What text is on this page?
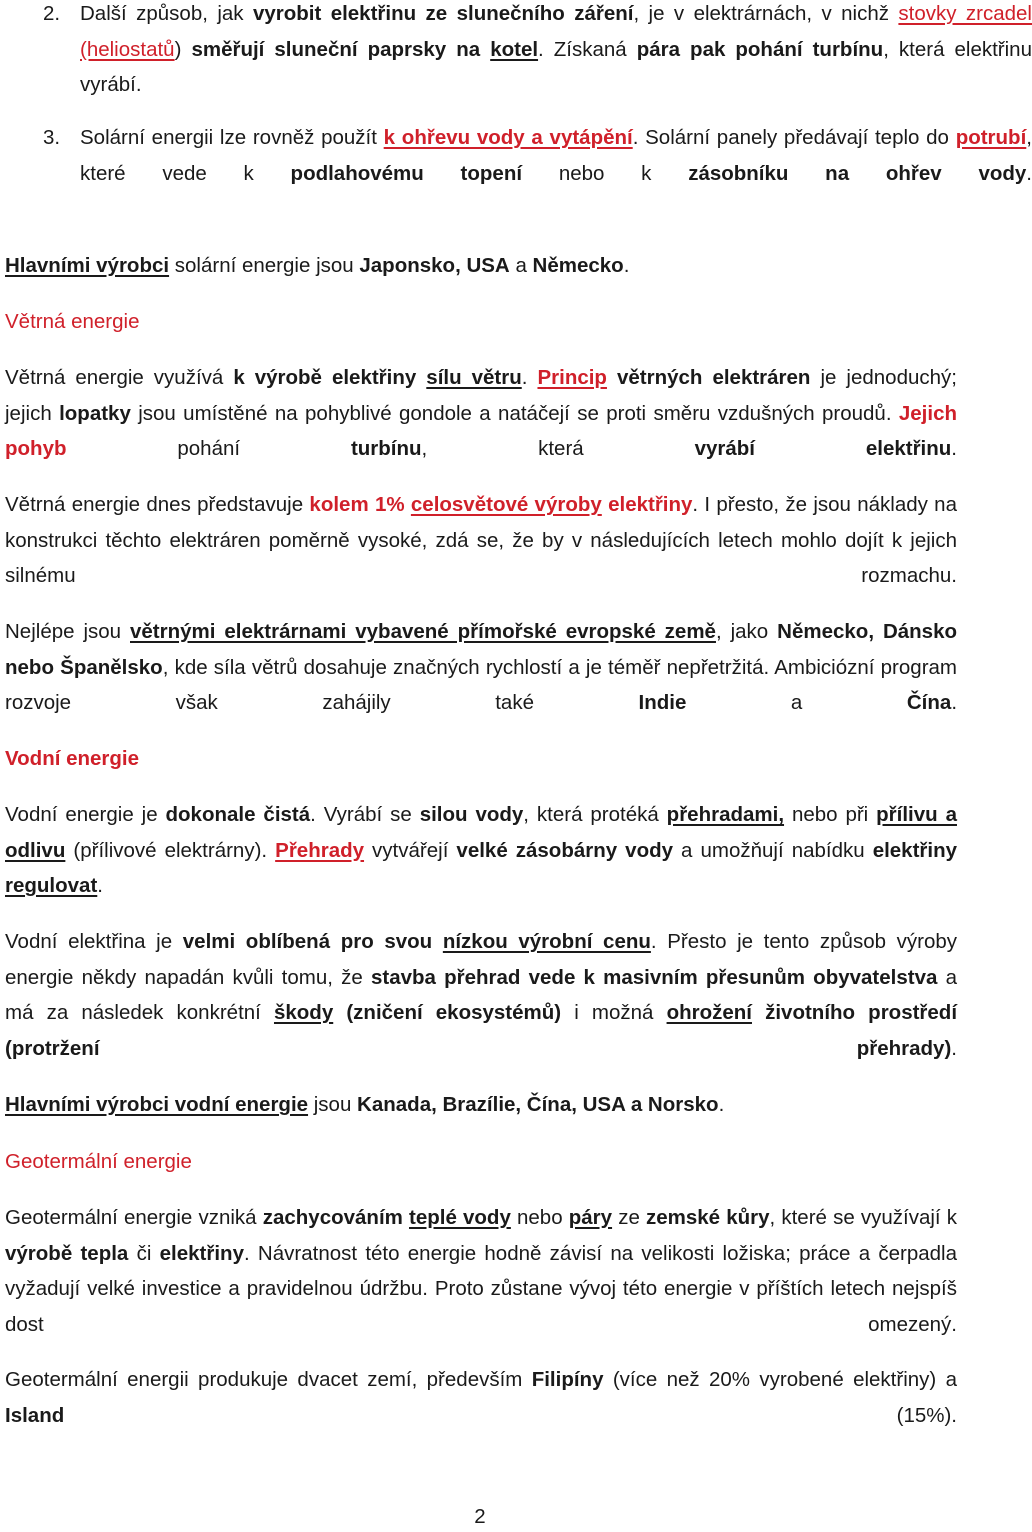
2. Další způsob, jak vyrobit elektřinu ze slunečního záření, je v elektrárnách, v nichž stovky zrcadel (heliostatů) směřují sluneční paprsky na kotel. Získaná pára pak pohání turbínu, která elektřinu vyrábí.

3. Solární energii lze rovněž použít k ohřevu vody a vytápění. Solární panely předávají teplo do potrubí, které vede k podlahovému topení nebo k zásobníku na ohřev vody.

Hlavními výrobci solární energie jsou Japonsko, USA a Německo.

Větrná energie

Větrná energie využívá k výrobě elektřiny sílu větru. Princip větrných elektráren je jednoduchý; jejich lopatky jsou umístěné na pohyblivé gondole a natáčejí se proti směru vzdušných proudů. Jejich pohyb pohání turbínu, která vyrábí elektřinu.

Větrná energie dnes představuje kolem 1% celosvětové výroby elektřiny. I přesto, že jsou náklady na konstrukci těchto elektráren poměrně vysoké, zdá se, že by v následujících letech mohlo dojít k jejich silnému rozmachu.

Nejlépe jsou větrnými elektrárnami vybavené přímořské evropské země, jako Německo, Dánsko nebo Španělsko, kde síla větrů dosahuje značných rychlostí a je téměř nepřetržitá. Ambiciózní program rozvoje však zahájily také Indie a Čína.

Vodní energie

Vodní energie je dokonale čistá. Vyrábí se silou vody, která protéká přehradami, nebo při přílivu a odlivu (přílivové elektrárny). Přehrady vytvářejí velké zásobárny vody a umožňují nabídku elektřiny regulovat.

Vodní elektřina je velmi oblíbená pro svou nízkou výrobní cenu. Přesto je tento způsob výroby energie někdy napadán kvůli tomu, že stavba přehrad vede k masivním přesunům obyvatelstva a má za následek konkrétní škody (zničení ekosystémů) i možná ohrožení životního prostředí (protržení přehrady).

Hlavními výrobci vodní energie jsou Kanada, Brazílie, Čína, USA a Norsko.

Geotermální energie

Geotermální energie vzniká zachycováním teplé vody nebo páry ze zemské kůry, které se využívají k výrobě tepla či elektřiny. Návratnost této energie hodně závisí na velikosti ložiska; práce a čerpadla vyžadují velké investice a pravidelnou údržbu. Proto zůstane vývoj této energie v příštích letech nejspíš dost omezený.

Geotermální energii produkuje dvacet zemí, především Filipíny (více než 20% vyrobené elektřiny) a Island (15%).

2
